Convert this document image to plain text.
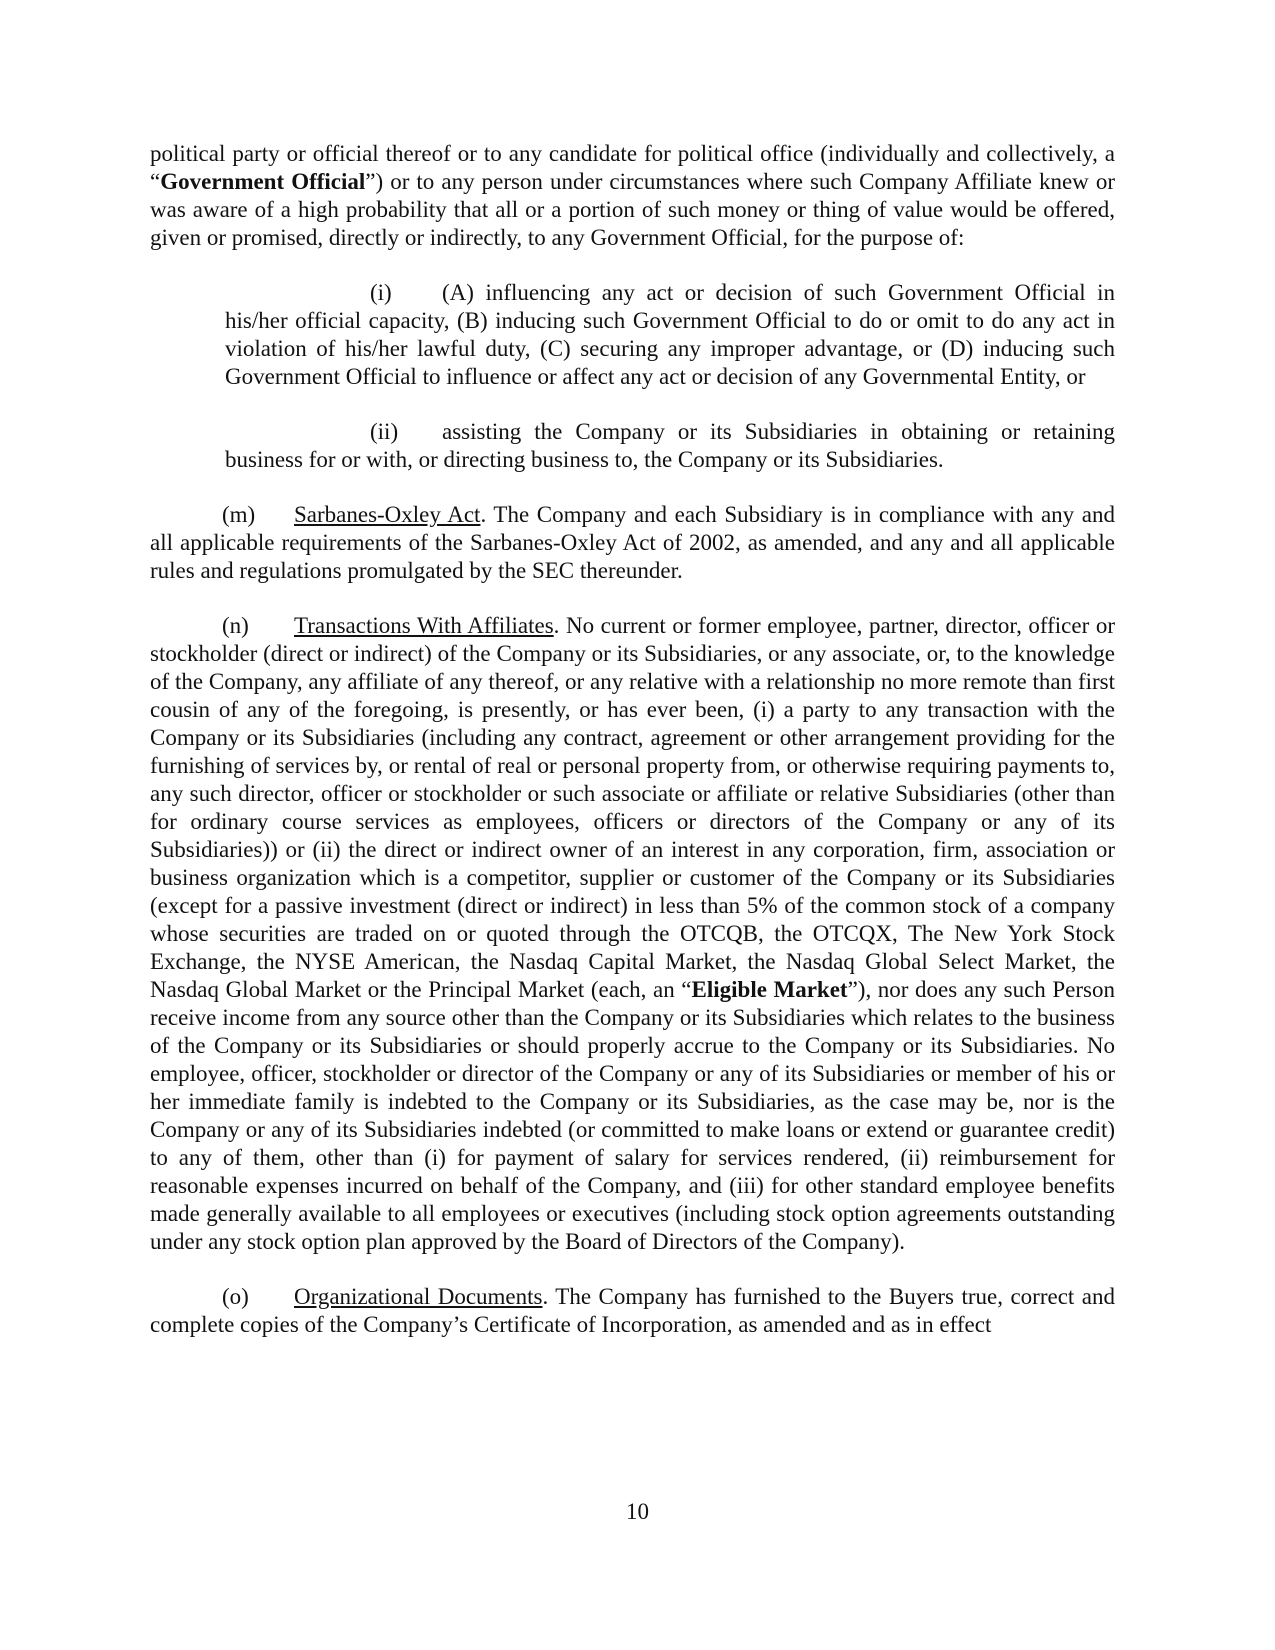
political party or official thereof or to any candidate for political office (individually and collectively, a “Government Official”) or to any person under circumstances where such Company Affiliate knew or was aware of a high probability that all or a portion of such money or thing of value would be offered, given or promised, directly or indirectly, to any Government Official, for the purpose of:

(i) (A) influencing any act or decision of such Government Official in his/her official capacity, (B) inducing such Government Official to do or omit to do any act in violation of his/her lawful duty, (C) securing any improper advantage, or (D) inducing such Government Official to influence or affect any act or decision of any Governmental Entity, or

(ii) assisting the Company or its Subsidiaries in obtaining or retaining business for or with, or directing business to, the Company or its Subsidiaries.

(m) Sarbanes-Oxley Act. The Company and each Subsidiary is in compliance with any and all applicable requirements of the Sarbanes-Oxley Act of 2002, as amended, and any and all applicable rules and regulations promulgated by the SEC thereunder.

(n) Transactions With Affiliates. No current or former employee, partner, director, officer or stockholder (direct or indirect) of the Company or its Subsidiaries, or any associate, or, to the knowledge of the Company, any affiliate of any thereof, or any relative with a relationship no more remote than first cousin of any of the foregoing, is presently, or has ever been, (i) a party to any transaction with the Company or its Subsidiaries (including any contract, agreement or other arrangement providing for the furnishing of services by, or rental of real or personal property from, or otherwise requiring payments to, any such director, officer or stockholder or such associate or affiliate or relative Subsidiaries (other than for ordinary course services as employees, officers or directors of the Company or any of its Subsidiaries)) or (ii) the direct or indirect owner of an interest in any corporation, firm, association or business organization which is a competitor, supplier or customer of the Company or its Subsidiaries (except for a passive investment (direct or indirect) in less than 5% of the common stock of a company whose securities are traded on or quoted through the OTCQB, the OTCQX, The New York Stock Exchange, the NYSE American, the Nasdaq Capital Market, the Nasdaq Global Select Market, the Nasdaq Global Market or the Principal Market (each, an “Eligible Market”), nor does any such Person receive income from any source other than the Company or its Subsidiaries which relates to the business of the Company or its Subsidiaries or should properly accrue to the Company or its Subsidiaries. No employee, officer, stockholder or director of the Company or any of its Subsidiaries or member of his or her immediate family is indebted to the Company or its Subsidiaries, as the case may be, nor is the Company or any of its Subsidiaries indebted (or committed to make loans or extend or guarantee credit) to any of them, other than (i) for payment of salary for services rendered, (ii) reimbursement for reasonable expenses incurred on behalf of the Company, and (iii) for other standard employee benefits made generally available to all employees or executives (including stock option agreements outstanding under any stock option plan approved by the Board of Directors of the Company).

(o) Organizational Documents. The Company has furnished to the Buyers true, correct and complete copies of the Company’s Certificate of Incorporation, as amended and as in effect

10
